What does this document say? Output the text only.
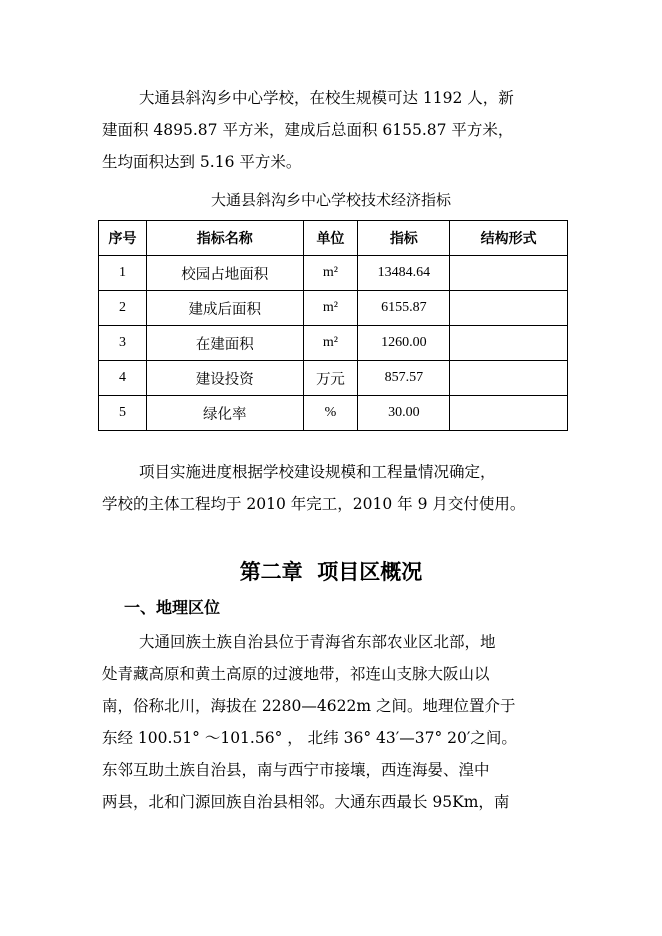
大通县斜沟乡中心学校，在校生规模可达 1192 人，新
建面积 4895.87 平方米，建成后总面积 6155.87 平方米，
生均面积达到 5.16 平方米。
大通县斜沟乡中心学校技术经济指标
序号	指标名称	单位	指标	结构形式
1	校园占地面积	m²	13484.64	
2	建成后面积	m²	6155.87	
3	在建面积	m²	1260.00	
4	建设投资	万元	857.57	
5	绿化率	%	30.00	
项目实施进度根据学校建设规模和工程量情况确定，
学校的主体工程均于 2010 年完工，2010 年 9 月交付使用。
第二章  项目区概况
一、地理区位
大通回族土族自治县位于青海省东部农业区北部，地
处青藏高原和黄土高原的过渡地带，祁连山支脉大阪山以
南，俗称北川，海拔在 2280—4622m 之间。地理位置介于
东经 100.51° ～101.56° ， 北纬 36° 43′—37° 20′之间。
东邻互助土族自治县，南与西宁市接壤，西连海晏、湟中
两县，北和门源回族自治县相邻。大通东西最长 95Km，南
